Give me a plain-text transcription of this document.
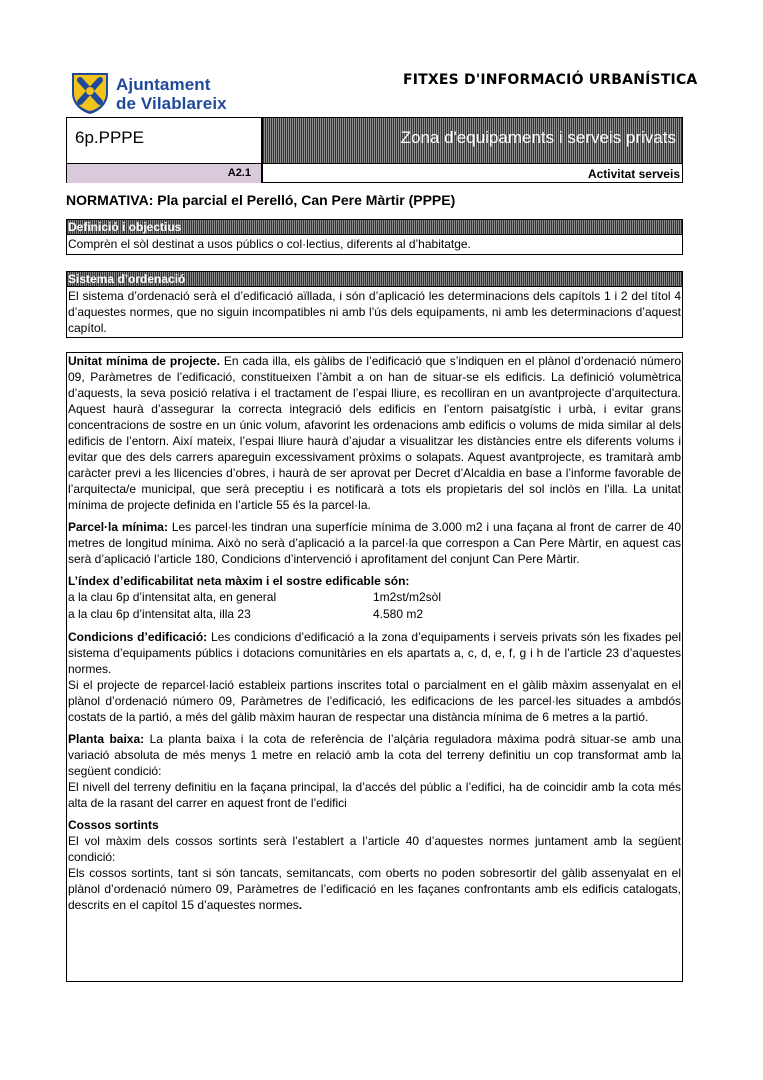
Ajuntament
de Vilablareix
FITXES D'INFORMACIÓ URBANÍSTICA
6p.PPPE	Zona d'equipaments i serveis privats
A2.1	Activitat serveis
NORMATIVA: Pla parcial el Perelló, Can Pere Màrtir (PPPE)
Definició i objectius
Comprèn el sòl destinat a usos públics o col·lectius, diferents al d’habitatge.
Sistema d’ordenació
El sistema d’ordenació serà el d’edificació aïllada, i són d’aplicació les determinacions dels capítols 1 i 2 del títol 4 d’aquestes normes, que no siguin incompatibles ni amb l’ús dels equipaments, ni amb les determinacions d’aquest capítol.

Unitat mínima de projecte. En cada illa, els gàlibs de l’edificació que s’indiquen en el plànol d’ordenació número 09, Paràmetres de l’edificació, constitueixen l’àmbit a on han de situar-se els edificis. La definició volumètrica d’aquests, la seva posició relativa i el tractament de l’espai lliure, es recolliran en un avantprojecte d’arquitectura. Aquest haurà d’assegurar la correcta integració dels edificis en l’entorn paisatgístic i urbà, i evitar grans concentracions de sostre en un únic volum, afavorint les ordenacions amb edificis o volums de mida similar al dels edificis de l’entorn. Així mateix, l’espai lliure haurà d’ajudar a visualitzar les distàncies entre els diferents volums i evitar que des dels carrers apareguin excessivament pròxims o solapats. Aquest avantprojecte, es tramitarà amb caràcter previ a les llicencies d’obres, i haurà de ser aprovat per Decret d’Alcaldia en base a l’informe favorable de l’arquitecta/e municipal, que serà preceptiu i es notificarà a tots els propietaris del sol inclòs en l’illa. La unitat mínima de projecte definida en l’article 55 és la parcel·la.

Parcel·la mínima: Les parcel·les tindran una superfície mínima de 3.000 m2 i una façana al front de carrer de 40 metres de longitud mínima. Això no serà d’aplicació a la parcel·la que correspon a Can Pere Màrtir, en aquest cas serà d’aplicació l’article 180, Condicions d’intervenció i aprofitament del conjunt Can Pere Màrtir.

L’índex d’edificabilitat neta màxim i el sostre edificable són:

a la clau 6p d’intensitat alta, en general	1m2st/m2sòl
a la clau 6p d’intensitat alta, illa 23	4.580 m2

Condicions d’edificació: Les condicions d’edificació a la zona d’equipaments i serveis privats són les fixades pel sistema d’equipaments públics i dotacions comunitàries en els apartats a, c, d, e, f, g i h de l’article 23 d’aquestes normes.

Si el projecte de reparcel·lació estableix partions inscrites total o parcialment en el gàlib màxim assenyalat en el plànol d’ordenació número 09, Paràmetres de l’edificació, les edificacions de les parcel·les situades a ambdós costats de la partió, a més del gàlib màxim hauran de respectar una distància mínima de 6 metres a la partió.

Planta baixa: La planta baixa i la cota de referència de l’alçària reguladora màxima podrà situar-se amb una variació absoluta de més menys 1 metre en relació amb la cota del terreny definitiu un cop transformat amb la següent condició:

El nivell del terreny definitiu en la façana principal, la d’accés del públic a l’edifici, ha de coincidir amb la cota més alta de la rasant del carrer en aquest front de l’edifici

Cossos sortints

El vol màxim dels cossos sortints serà l’establert a l’article 40 d’aquestes normes juntament amb la següent condició:

Els cossos sortints, tant si són tancats, semitancats, com oberts no poden sobresortir del gàlib assenyalat en el plànol d’ordenació número 09, Paràmetres de l’edificació en les façanes confrontants amb els edificis catalogats, descrits en el capítol 15 d’aquestes normes.
